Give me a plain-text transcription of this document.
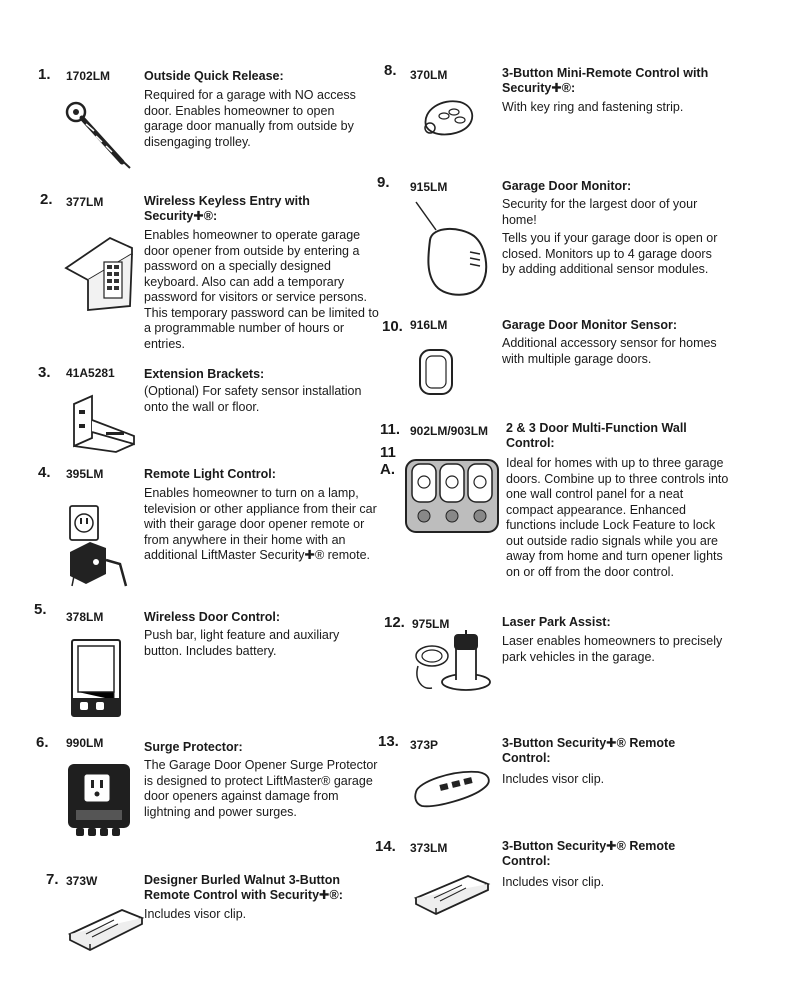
1. 1702LM	Outside Quick Release:

Required for a garage with NO access door. Enables homeowner to open garage door manually from outside by disengaging trolley.

2. 377LM	Wireless Keyless Entry with Security✚®:

Enables homeowner to operate garage door opener from outside by entering a password on a specially designed keyboard. Also can add a temporary password for visitors or service persons. This temporary password can be limited to a programmable number of hours or entries.

3. 41A5281 Extension Brackets:

(Optional) For safety sensor installation onto the wall or floor.

4. 395LM	Remote Light Control:

Enables homeowner to turn on a lamp, television or other appliance from their car with their garage door opener remote or from anywhere in their home with an additional LiftMaster Security✚® remote.

5. 378LM	Wireless Door Control:

Push bar, light feature and auxiliary button. Includes battery.

6. 990LM	Surge Protector:

The Garage Door Opener Surge Protector is designed to protect LiftMaster® garage door openers against damage from lightning and power surges.

7. 373W	Designer Burled Walnut 3-Button Remote Control with Security✚®:

Includes visor clip.

8. 370LM	3-Button Mini-Remote Control with Security✚®:

With key ring and fastening strip.

9. 915LM	Garage Door Monitor:

Security for the largest door of your home!

Tells you if your garage door is open or closed. Monitors up to 4 garage doors by adding additional sensor modules.

10. 916LM	Garage Door Monitor Sensor:

Additional accessory sensor for homes with multiple garage doors.

11.
11 A.
902LM/903LM 2 & 3 Door Multi-Function Wall Control:

Ideal for homes with up to three garage doors. Combine up to three controls into one wall control panel for a neat compact appearance. Enhanced functions include Lock Feature to lock out outside radio signals while you are away from home and turn opener lights on or off from the door control.

12. 975LM	Laser Park Assist:

Laser enables homeowners to precisely park vehicles in the garage.

13. 373P	3-Button Security✚® Remote Control:

Includes visor clip.

14. 373LM	3-Button Security✚® Remote Control:

Includes visor clip.
